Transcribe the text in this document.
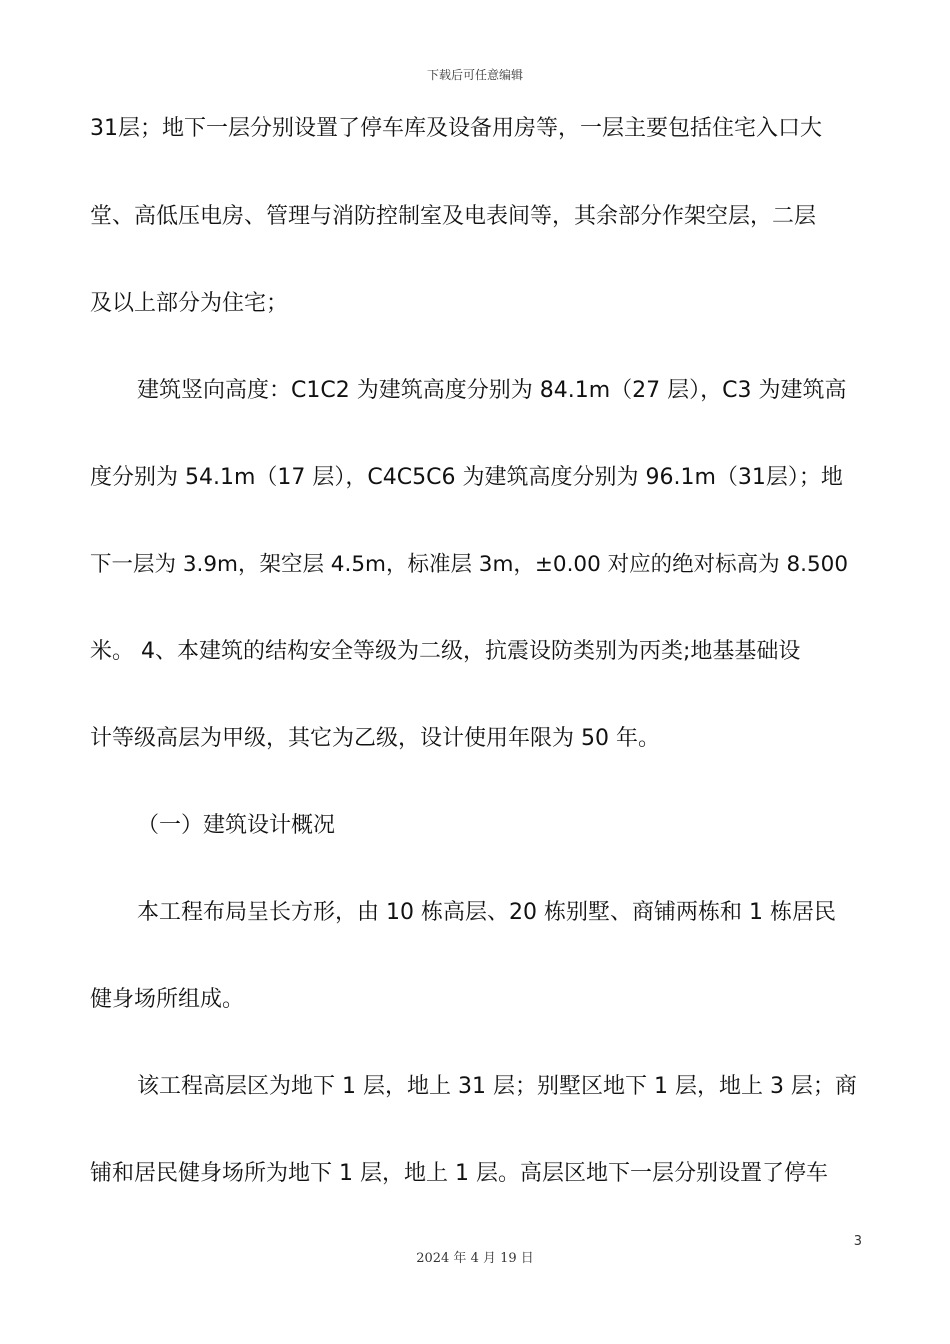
下载后可任意编辑
31层；地下一层分别设置了停车库及设备用房等，一层主要包括住宅入口大
堂、高低压电房、管理与消防控制室及电表间等，其余部分作架空层，二层
及以上部分为住宅；
建筑竖向高度：C1C2 为建筑高度分别为 84.1m（27 层），C3 为建筑高
度分别为 54.1m（17 层），C4C5C6 为建筑高度分别为 96.1m（31层）；地
下一层为 3.9m，架空层 4.5m，标准层 3m，±0.00 对应的绝对标高为 8.500
米。 4、本建筑的结构安全等级为二级，抗震设防类别为丙类;地基基础设
计等级高层为甲级，其它为乙级，设计使用年限为 50 年。
（一）建筑设计概况
本工程布局呈长方形，由 10 栋高层、20 栋别墅、商铺两栋和 1 栋居民
健身场所组成。
该工程高层区为地下 1 层，地上 31 层；别墅区地下 1 层，地上 3 层；商
铺和居民健身场所为地下 1 层，地上 1 层。高层区地下一层分别设置了停车
3
2024 年 4 月 19 日
